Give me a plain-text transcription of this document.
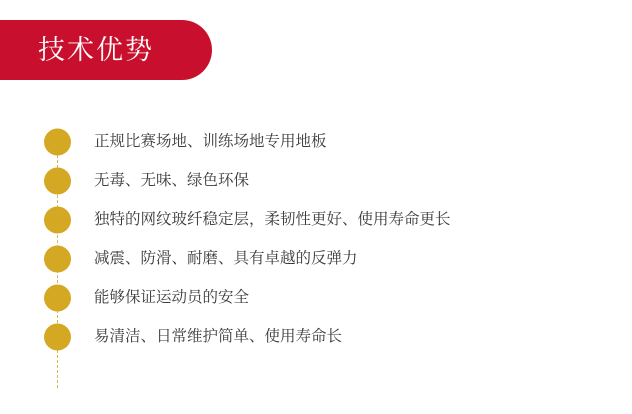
技术优势
正规比赛场地、训练场地专用地板
无毒、无味、绿色环保
独特的网纹玻纤稳定层，柔韧性更好、使用寿命更长
减震、防滑、耐磨、具有卓越的反弹力
能够保证运动员的安全
易清洁、日常维护简单、使用寿命长
